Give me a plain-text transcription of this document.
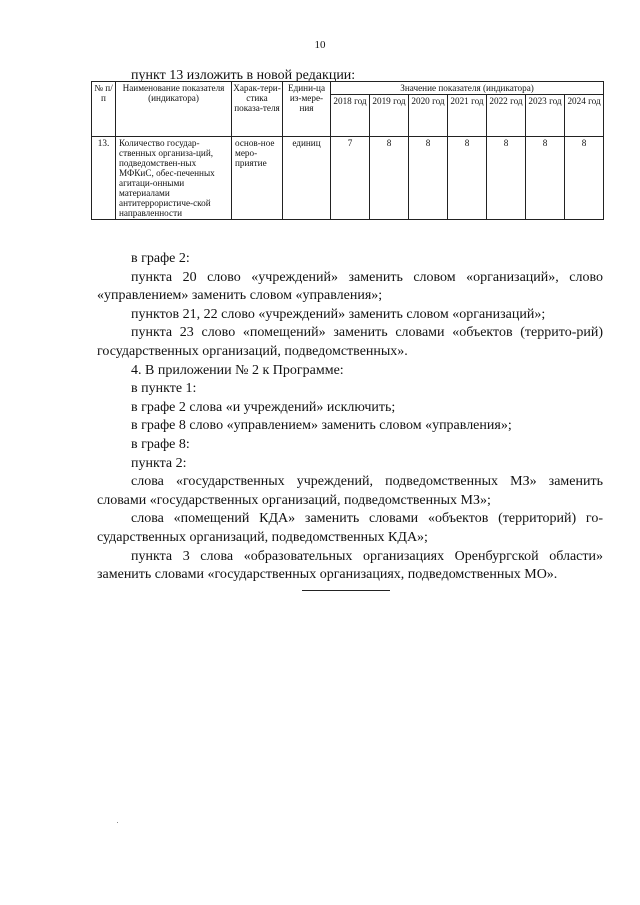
10
пункт 13 изложить в новой редакции:
№ п/п	Наименование показателя (индикатора)	Харак-тери-стика показа-теля	Едини-ца из-мере-ния	Значение показателя (индикатора)						
				2018 год	2019 год	2020 год	2021 год	2022 год	2023 год	2024 год
13.	Количество государ-ственных организа-ций, подведомствен-ных МФКиС, обес-печенных агитаци-онными материалами антитеррористиче-ской направленности	основ-ное меро-приятие	единиц	7	8	8	8	8	8	8

в графе 2:

пункта 20 слово «учреждений» заменить словом «организаций», слово «управлением» заменить словом «управления»;

пунктов 21, 22 слово «учреждений» заменить словом «организаций»;

пункта 23 слово «помещений» заменить словами «объектов (террито-рий) государственных организаций, подведомственных».

4. В приложении № 2 к Программе:

в пункте 1:

в графе 2 слова «и учреждений» исключить;

в графе 8 слово «управлением» заменить словом «управления»;

в графе 8:

пункта 2:

слова «государственных учреждений, подведомственных МЗ» заменить словами «государственных организаций, подведомственных МЗ»;

слова «помещений КДА» заменить словами «объектов (территорий) го-сударственных организаций, подведомственных КДА»;

пункта 3 слова «образовательных организациях Оренбургской области» заменить словами «государственных организациях, подведомственных МО».
